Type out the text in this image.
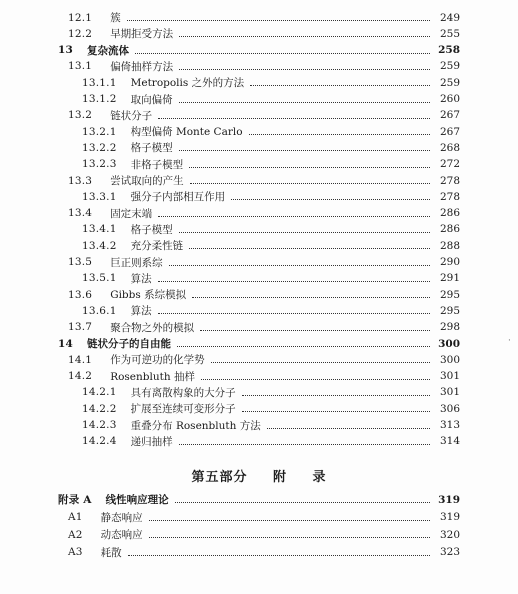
12.1 簇	249
12.2 早期拒受方法	255
13 复杂流体	258
13.1 偏倚抽样方法	259
13.1.1 Metropolis 之外的方法	259
13.1.2 取向偏倚	260
13.2 链状分子	267
13.2.1 构型偏倚 Monte Carlo	267
13.2.2 格子模型	268
13.2.3 非格子模型	272
13.3 尝试取向的产生	278
13.3.1 强分子内部相互作用	278
13.4 固定末端	286
13.4.1 格子模型	286
13.4.2 充分柔性链	288
13.5 巨正则系综	290
13.5.1 算法	291
13.6 Gibbs 系综模拟	295
13.6.1 算法	295
13.7 聚合物之外的模拟	298
14 链状分子的自由能	300
14.1 作为可逆功的化学势	300
14.2 Rosenbluth 抽样	301
14.2.1 具有离散构象的大分子	301
14.2.2 扩展至连续可变形分子	306
14.2.3 重叠分布 Rosenbluth 方法	313
14.2.4 递归抽样	314
第五部分 附 录
附录 A 线性响应理论	319
A1 静态响应	319
A2 动态响应	320
A3 耗散	323
·
